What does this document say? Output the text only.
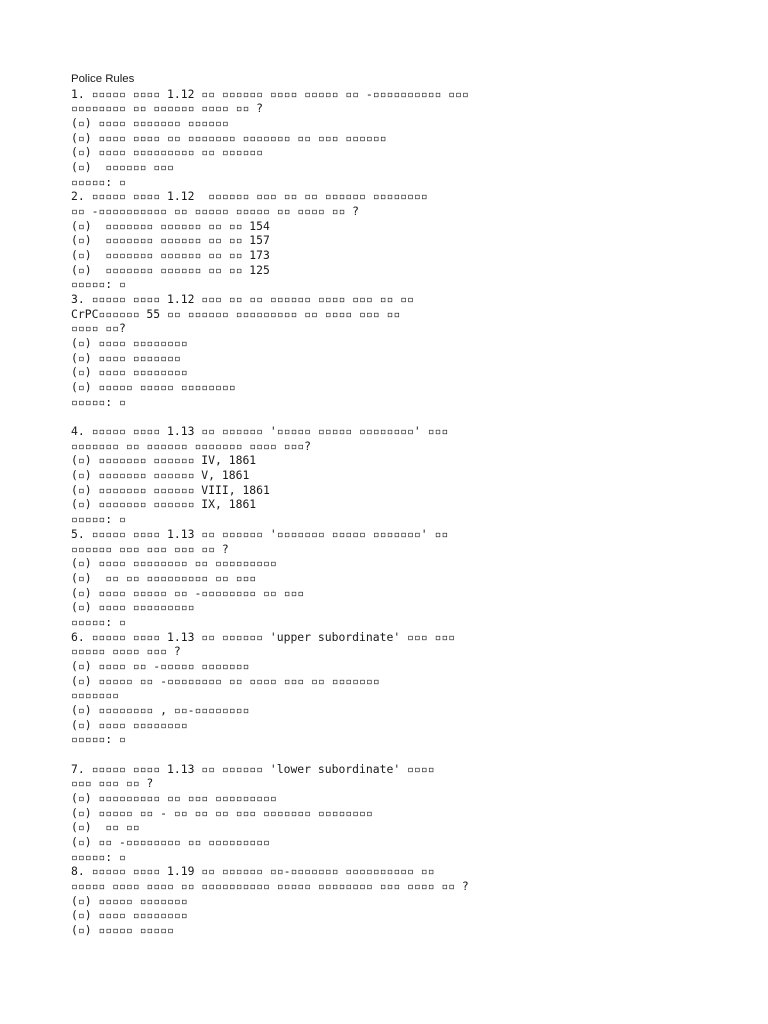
Police Rules
1. ▫▫▫▫▫ ▫▫▫▫ 1.12 ▫▫ ▫▫▫▫▫▫ ▫▫▫▫ ▫▫▫▫▫ ▫▫ -▫▫▫▫▫▫▫▫▫▫ ▫▫▫
▫▫▫▫▫▫▫▫ ▫▫ ▫▫▫▫▫▫ ▫▫▫▫ ▫▫ ?
(▫) ▫▫▫▫ ▫▫▫▫▫▫▫ ▫▫▫▫▫▫
(▫) ▫▫▫▫ ▫▫▫▫ ▫▫ ▫▫▫▫▫▫▫ ▫▫▫▫▫▫▫ ▫▫ ▫▫▫ ▫▫▫▫▫▫
(▫) ▫▫▫▫ ▫▫▫▫▫▫▫▫▫ ▫▫ ▫▫▫▫▫▫
(▫)  ▫▫▫▫▫▫ ▫▫▫
▫▫▫▫▫: ▫
2. ▫▫▫▫▫ ▫▫▫▫ 1.12  ▫▫▫▫▫▫ ▫▫▫ ▫▫ ▫▫ ▫▫▫▫▫▫ ▫▫▫▫▫▫▫▫
▫▫ -▫▫▫▫▫▫▫▫▫▫ ▫▫ ▫▫▫▫▫ ▫▫▫▫▫ ▫▫ ▫▫▫▫ ▫▫ ?
(▫)  ▫▫▫▫▫▫▫ ▫▫▫▫▫▫ ▫▫ ▫▫ 154
(▫)  ▫▫▫▫▫▫▫ ▫▫▫▫▫▫ ▫▫ ▫▫ 157
(▫)  ▫▫▫▫▫▫▫ ▫▫▫▫▫▫ ▫▫ ▫▫ 173
(▫)  ▫▫▫▫▫▫▫ ▫▫▫▫▫▫ ▫▫ ▫▫ 125
▫▫▫▫▫: ▫
3. ▫▫▫▫▫ ▫▫▫▫ 1.12 ▫▫▫ ▫▫ ▫▫ ▫▫▫▫▫▫ ▫▫▫▫ ▫▫▫ ▫▫ ▫▫
CrPC▫▫▫▫▫▫ 55 ▫▫ ▫▫▫▫▫▫ ▫▫▫▫▫▫▫▫▫ ▫▫ ▫▫▫▫ ▫▫▫ ▫▫
▫▫▫▫ ▫▫?
(▫) ▫▫▫▫ ▫▫▫▫▫▫▫▫
(▫) ▫▫▫▫ ▫▫▫▫▫▫▫
(▫) ▫▫▫▫ ▫▫▫▫▫▫▫▫
(▫) ▫▫▫▫▫ ▫▫▫▫▫ ▫▫▫▫▫▫▫▫
▫▫▫▫▫: ▫
4. ▫▫▫▫▫ ▫▫▫▫ 1.13 ▫▫ ▫▫▫▫▫▫ '▫▫▫▫▫ ▫▫▫▫▫ ▫▫▫▫▫▫▫▫' ▫▫▫
▫▫▫▫▫▫▫ ▫▫ ▫▫▫▫▫▫ ▫▫▫▫▫▫▫ ▫▫▫▫ ▫▫▫?
(▫) ▫▫▫▫▫▫▫ ▫▫▫▫▫▫ IV, 1861
(▫) ▫▫▫▫▫▫▫ ▫▫▫▫▫▫ V, 1861
(▫) ▫▫▫▫▫▫▫ ▫▫▫▫▫▫ VIII, 1861
(▫) ▫▫▫▫▫▫▫ ▫▫▫▫▫▫ IX, 1861
▫▫▫▫▫: ▫
5. ▫▫▫▫▫ ▫▫▫▫ 1.13 ▫▫ ▫▫▫▫▫▫ '▫▫▫▫▫▫▫ ▫▫▫▫▫ ▫▫▫▫▫▫▫' ▫▫
▫▫▫▫▫▫ ▫▫▫ ▫▫▫ ▫▫▫ ▫▫ ?
(▫) ▫▫▫▫ ▫▫▫▫▫▫▫▫ ▫▫ ▫▫▫▫▫▫▫▫▫
(▫)  ▫▫ ▫▫ ▫▫▫▫▫▫▫▫▫ ▫▫ ▫▫▫
(▫) ▫▫▫▫ ▫▫▫▫▫ ▫▫ -▫▫▫▫▫▫▫▫ ▫▫ ▫▫▫
(▫) ▫▫▫▫ ▫▫▫▫▫▫▫▫▫
▫▫▫▫▫: ▫
6. ▫▫▫▫▫ ▫▫▫▫ 1.13 ▫▫ ▫▫▫▫▫▫ 'upper subordinate' ▫▫▫ ▫▫▫
▫▫▫▫▫ ▫▫▫▫ ▫▫▫ ?
(▫) ▫▫▫▫ ▫▫ -▫▫▫▫▫ ▫▫▫▫▫▫▫
(▫) ▫▫▫▫▫ ▫▫ -▫▫▫▫▫▫▫▫ ▫▫ ▫▫▫▫ ▫▫▫ ▫▫ ▫▫▫▫▫▫▫
▫▫▫▫▫▫▫
(▫) ▫▫▫▫▫▫▫▫ , ▫▫-▫▫▫▫▫▫▫▫
(▫) ▫▫▫▫ ▫▫▫▫▫▫▫▫
▫▫▫▫▫: ▫
7. ▫▫▫▫▫ ▫▫▫▫ 1.13 ▫▫ ▫▫▫▫▫▫ 'lower subordinate' ▫▫▫▫
▫▫▫ ▫▫▫ ▫▫ ?
(▫) ▫▫▫▫▫▫▫▫▫ ▫▫ ▫▫▫ ▫▫▫▫▫▫▫▫▫
(▫) ▫▫▫▫▫ ▫▫ - ▫▫ ▫▫ ▫▫ ▫▫▫ ▫▫▫▫▫▫▫ ▫▫▫▫▫▫▫▫
(▫)  ▫▫ ▫▫
(▫) ▫▫ -▫▫▫▫▫▫▫▫ ▫▫ ▫▫▫▫▫▫▫▫▫
▫▫▫▫▫: ▫
8. ▫▫▫▫▫ ▫▫▫▫ 1.19 ▫▫ ▫▫▫▫▫▫ ▫▫-▫▫▫▫▫▫▫ ▫▫▫▫▫▫▫▫▫▫ ▫▫
▫▫▫▫▫ ▫▫▫▫ ▫▫▫▫ ▫▫ ▫▫▫▫▫▫▫▫▫▫ ▫▫▫▫▫ ▫▫▫▫▫▫▫▫ ▫▫▫ ▫▫▫▫ ▫▫ ?
(▫) ▫▫▫▫▫ ▫▫▫▫▫▫▫
(▫) ▫▫▫▫ ▫▫▫▫▫▫▫▫
(▫) ▫▫▫▫▫ ▫▫▫▫▫
